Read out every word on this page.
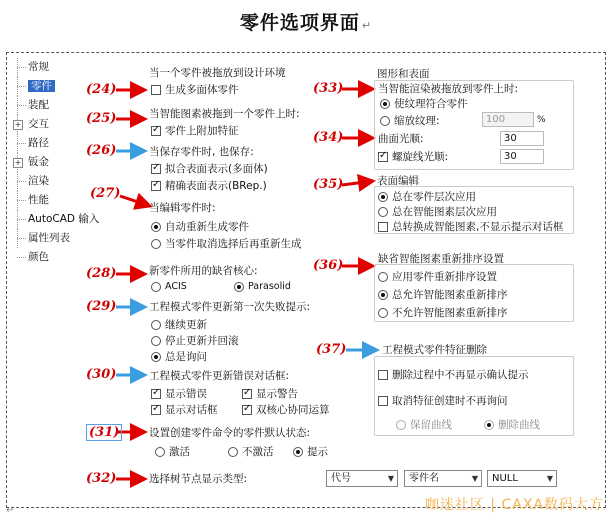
零件选项界面 ↵
常规
零件
装配
+ 交互
路径
+ 钣金
渲染
性能
AutoCAD 输入
属性列表
颜色
(24)
(25)
(26)
(27)
(28)
(29)
(30)
(31)
(32)
(33)
(34)
(35)
(36)
(37)
当一个零件被拖放到设计环境
生成多面体零件
当智能图素被拖到一个零件上时:
✓
零件上附加特征
当保存零件时, 也保存:
✓
拟合表面表示(多面体)
✓
精确表面表示(BRep.)
当编辑零件时:
自动重新生成零件
当零件取消选择后再重新生成
新零件所用的缺省核心:
ACIS	Parasolid
工程模式零件更新第一次失败提示:
继续更新
停止更新并回滚
总是询问
工程模式零件更新错误对话框:
✓
显示错误 ✓	显示警告
✓
显示对话框 ✓	双核心协同运算
设置创建零件命令的零件默认状态:
激活	不激活	提示
选择树节点显示类型:	代号	▼	零件名	▼	NULL	▼
图形和表面
当智能渲染被拖放到零件上时:
使纹理符合零件
缩放纹理:	100	%
曲面光顺:	30
✓
螺旋线光顺:	30
表面编辑
总在零件层次应用
总在智能图素层次应用
总转换成智能图素,不显示提示对话框
缺省智能图素重新排序设置
应用零件重新排序设置
总允许智能图素重新排序
不允许智能图素重新排序
工程模式零件特征删除
删除过程中不再显示确认提示
取消特征创建时不再询问
保留曲线	删除曲线
咖迷社区 | CAXA数码大方
↵
